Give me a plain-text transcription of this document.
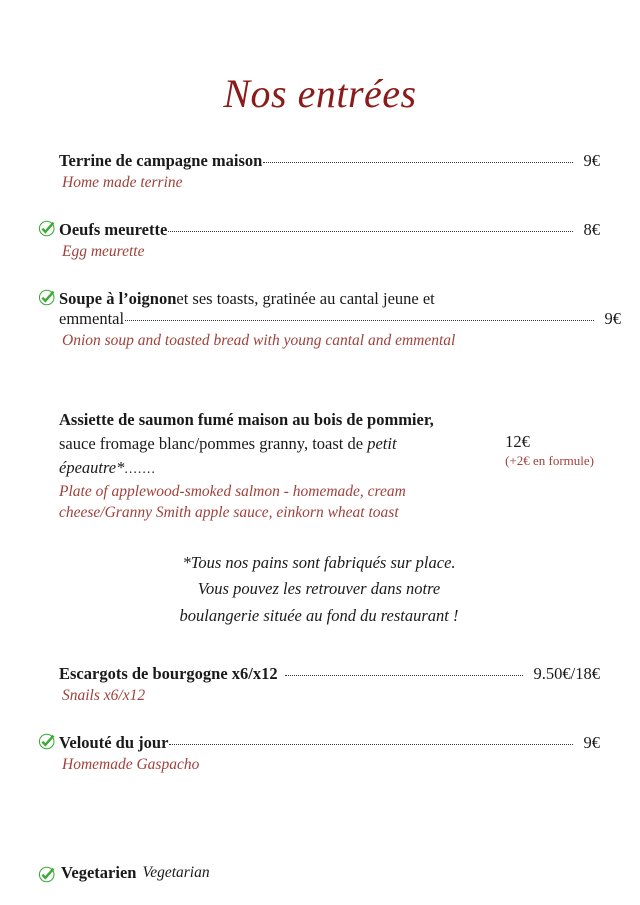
Nos entrées
Terrine de campagne maison	9€
Home made terrine
Oeufs meurette	8€
Egg meurette
Soupe à l’oignon et ses toasts, gratinée au cantal jeune et
emmental	9€
Onion soup and toasted bread with young cantal and emmental
Assiette de saumon fumé maison au bois de pommier,
sauce fromage blanc/pommes granny, toast de petit épeautre*.......
Plate of applewood-smoked salmon - homemade, cream
cheese/Granny Smith apple sauce, einkorn wheat toast
12€
(+2€ en formule)
*Tous nos pains sont fabriqués sur place.
Vous pouvez les retrouver dans notre
boulangerie située au fond du restaurant !
Escargots de bourgogne x6/x12	9.50€/18€
Snails x6/x12
Velouté du jour	9€
Homemade Gaspacho
Vegetarien Vegetarian
